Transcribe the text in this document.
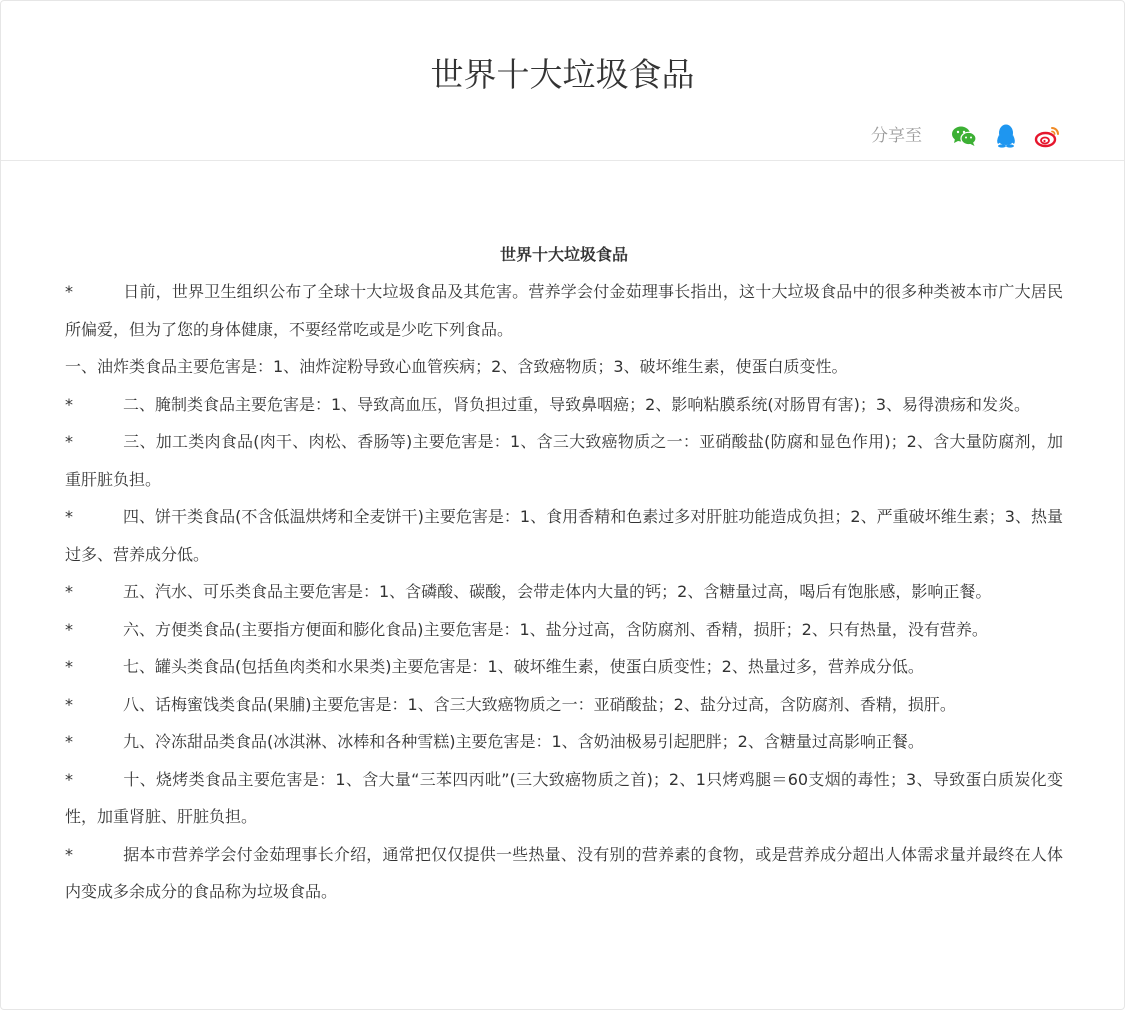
世界十大垃圾食品
分享至
世界十大垃圾食品

*	日前，世界卫生组织公布了全球十大垃圾食品及其危害。营养学会付金茹理事长指出，这十大垃圾食品中的很多种类被本市广大居民所偏爱，但为了您的身体健康，不要经常吃或是少吃下列食品。

一、油炸类食品主要危害是：1、油炸淀粉导致心血管疾病；2、含致癌物质；3、破坏维生素，使蛋白质变性。

*	二、腌制类食品主要危害是：1、导致高血压，肾负担过重，导致鼻咽癌；2、影响粘膜系统(对肠胃有害)；3、易得溃疡和发炎。

*	三、加工类肉食品(肉干、肉松、香肠等)主要危害是：1、含三大致癌物质之一：亚硝酸盐(防腐和显色作用)；2、含大量防腐剂，加重肝脏负担。

*	四、饼干类食品(不含低温烘烤和全麦饼干)主要危害是：1、食用香精和色素过多对肝脏功能造成负担；2、严重破坏维生素；3、热量过多、营养成分低。

*	五、汽水、可乐类食品主要危害是：1、含磷酸、碳酸，会带走体内大量的钙；2、含糖量过高，喝后有饱胀感，影响正餐。

*	六、方便类食品(主要指方便面和膨化食品)主要危害是：1、盐分过高，含防腐剂、香精，损肝；2、只有热量，没有营养。

*	七、罐头类食品(包括鱼肉类和水果类)主要危害是：1、破坏维生素，使蛋白质变性；2、热量过多，营养成分低。

*	八、话梅蜜饯类食品(果脯)主要危害是：1、含三大致癌物质之一：亚硝酸盐；2、盐分过高，含防腐剂、香精，损肝。

*	九、冷冻甜品类食品(冰淇淋、冰棒和各种雪糕)主要危害是：1、含奶油极易引起肥胖；2、含糖量过高影响正餐。

*	十、烧烤类食品主要危害是：1、含大量“三苯四丙吡”(三大致癌物质之首)；2、1只烤鸡腿＝60支烟的毒性；3、导致蛋白质炭化变性，加重肾脏、肝脏负担。

*	据本市营养学会付金茹理事长介绍，通常把仅仅提供一些热量、没有别的营养素的食物，或是营养成分超出人体需求量并最终在人体内变成多余成分的食品称为垃圾食品。
